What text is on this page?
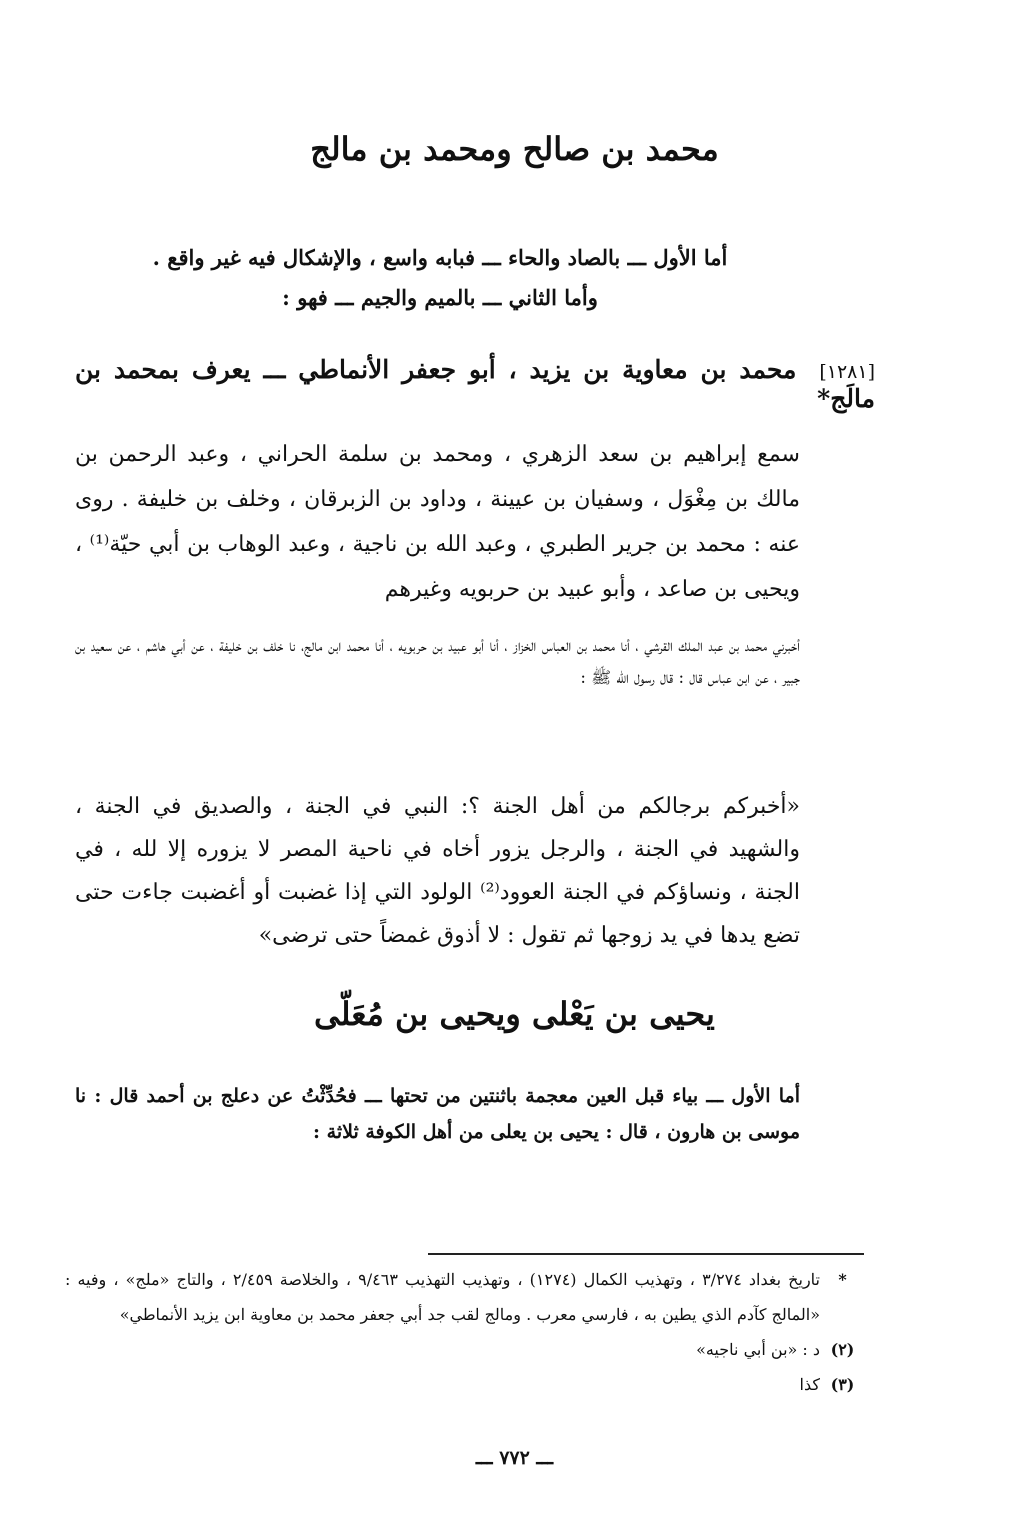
محمد بن صالح ومحمد بن مالج
أما الأول ـــ بالصاد والحاء ـــ فبابه واسع ، والإشكال فيه غير واقع .
وأما الثاني ـــ بالميم والجيم ـــ فهو :
[١٢٨١] محمد بن معاوية بن يزيد ، أبو جعفر الأنماطي ـــ يعرف بمحمد بن مالَج*
سمع إبراهيم بن سعد الزهري ، ومحمد بن سلمة الحراني ، وعبد الرحمن بن مالك بن مِغْوَل ، وسفيان بن عيينة ، وداود بن الزبرقان ، وخلف بن خليفة . روى عنه : محمد بن جرير الطبري ، وعبد الله بن ناجية ، وعبد الوهاب بن أبي حيّة⁽¹⁾ ، ويحيى بن صاعد ، وأبو عبيد بن حربويه وغيرهم
أخبرني محمد بن عبد الملك القرشي ، أنا محمد بن العباس الخزاز ، أنا أبو عبيد بن حربويه ، أنا محمد ابن مالج، نا خلف بن خليفة ، عن أبي هاشم ، عن سعيد بن جبير ، عن ابن عباس قال : قال رسول الله ﷺ :
«أخبركم برجالكم من أهل الجنة ؟: النبي في الجنة ، والصديق في الجنة ، والشهيد في الجنة ، والرجل يزور أخاه في ناحية المصر لا يزوره إلا لله ، في الجنة ، ونساؤكم في الجنة العوود⁽²⁾ الولود التي إذا غضبت أو أغضبت جاءت حتى تضع يدها في يد زوجها ثم تقول : لا أذوق غمضاً حتى ترضى»
يحيى بن يَعْلى ويحيى بن مُعَلّى
أما الأول ـــ بياء قبل العين معجمة باثنتين من تحتها ـــ فحُدِّثْتُ عن دعلج بن أحمد قال : نا موسى بن هارون ، قال : يحيى بن يعلى من أهل الكوفة ثلاثة :
*
تاريخ بغداد ٣/٢٧٤ ، وتهذيب الكمال (١٢٧٤) ، وتهذيب التهذيب ٩/٤٦٣ ، والخلاصة ٢/٤٥٩ ، والتاج «ملج» ، وفيه : «المالج كآدم الذي يطين به ، فارسي معرب . ومالج لقب جد أبي جعفر محمد بن معاوية ابن يزيد الأنماطي»
(٢)
د : «بن أبي ناجيه»
(٣)
كذا
ـــ ٧٧٢ ـــ
